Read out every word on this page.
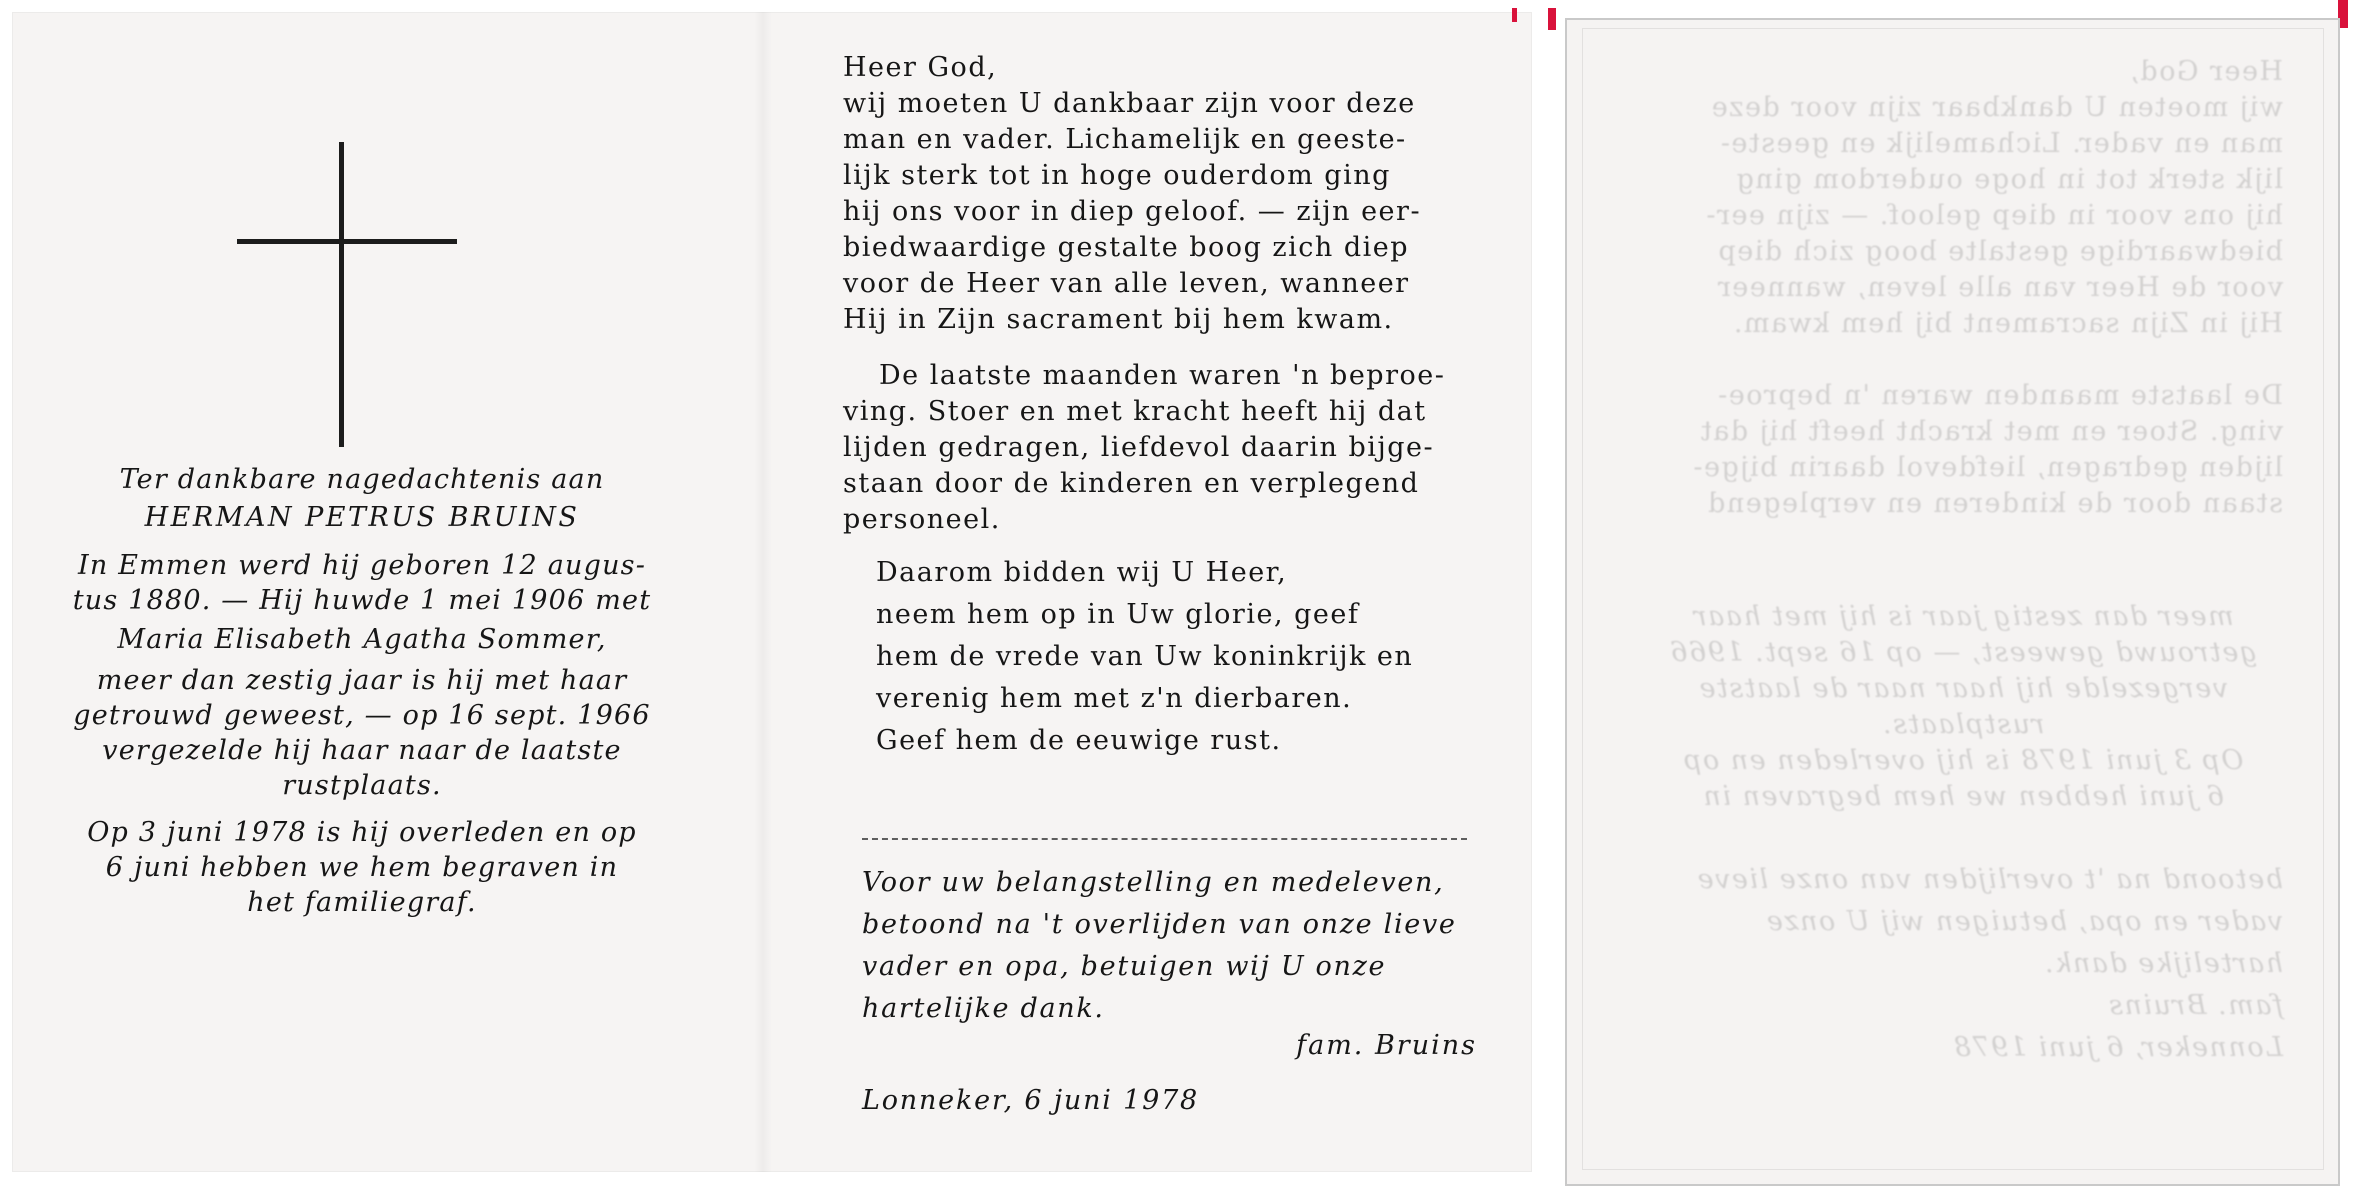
Ter dankbare nagedachtenis aan

HERMAN PETRUS BRUINS

In Emmen werd hij geboren 12 augus-

tus 1880. — Hij huwde 1 mei 1906 met

Maria Elisabeth Agatha Sommer,

meer dan zestig jaar is hij met haar

getrouwd geweest, — op 16 sept. 1966

vergezelde hij haar naar de laatste

rustplaats.

Op 3 juni 1978 is hij overleden en op

6 juni hebben we hem begraven in

het familiegraf.

Heer God,

wij moeten U dankbaar zijn voor deze

man en vader. Lichamelijk en geeste-

lijk sterk tot in hoge ouderdom ging

hij ons voor in diep geloof. — zijn eer-

biedwaardige gestalte boog zich diep

voor de Heer van alle leven, wanneer

Hij in Zijn sacrament bij hem kwam.

De laatste maanden waren 'n beproe-

ving. Stoer en met kracht heeft hij dat

lijden gedragen, liefdevol daarin bijge-

staan door de kinderen en verplegend

personeel.

Daarom bidden wij U Heer,

neem hem op in Uw glorie, geef

hem de vrede van Uw koninkrijk en

verenig hem met z'n dierbaren.

Geef hem de eeuwige rust.

Voor uw belangstelling en medeleven,

betoond na 't overlijden van onze lieve

vader en opa, betuigen wij U onze

hartelijke dank.

fam. Bruins
Lonneker, 6 juni 1978

Heer God,

wij moeten U dankbaar zijn voor deze

man en vader. Lichamelijk en geeste-

lijk sterk tot in hoge ouderdom ging

hij ons voor in diep geloof. — zijn eer-

biedwaardige gestalte boog zich diep

voor de Heer van alle leven, wanneer

Hij in Zijn sacrament bij hem kwam.

De laatste maanden waren 'n beproe-

ving. Stoer en met kracht heeft hij dat

lijden gedragen, liefdevol daarin bijge-

staan door de kinderen en verplegend

meer dan zestig jaar is hij met haar

getrouwd geweest, — op 16 sept. 1966

vergezelde hij haar naar de laatste

rustplaats.

Op 3 juni 1978 is hij overleden en op

6 juni hebben we hem begraven in

betoond na 't overlijden van onze lieve

vader en opa, betuigen wij U onze

hartelijke dank.

fam. Bruins

Lonneker, 6 juni 1978
